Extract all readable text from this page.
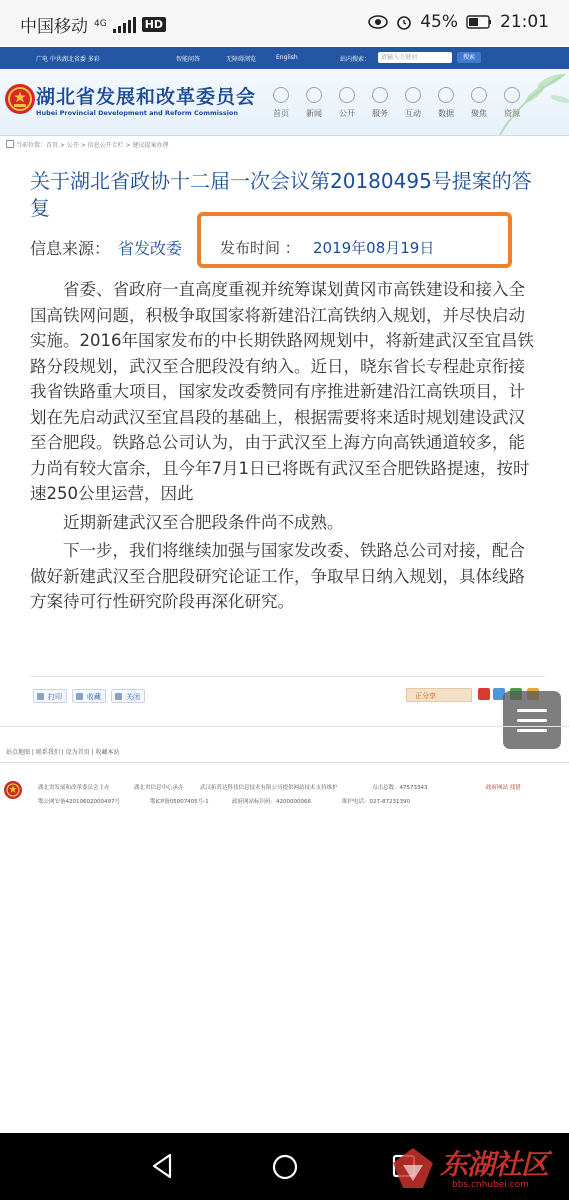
中国移动 4G	HD	45% 21:01
广电 中共湖北省委 多彩	智能问答	无障碍浏览	English	站内搜索：	请输入关键词	搜索
湖北省发展和改革委员会
Hubei Provincial Development and Reform Commission	首页	新闻	公开	服务	互动	数据	聚焦	资源
当前位置：首页 > 公开 > 信息公开专栏 > 建议提案办理
关于湖北省政协十二届一次会议第20180495号提案的答复
信息来源： 省发改委	发布时间 ： 2019年08月19日

省委、省政府一直高度重视并统筹谋划黄冈市高铁建设和接入全国高铁网问题，积极争取国家将新建沿江高铁纳入规划，并尽快启动实施。2016年国家发布的中长期铁路网规划中，将新建武汉至宜昌铁路分段规划，武汉至合肥段没有纳入。近日，晓东省长专程赴京衔接我省铁路重大项目，国家发改委赞同有序推进新建沿江高铁项目，计划在先启动武汉至宜昌段的基础上，根据需要将来适时规划建设武汉至合肥段。铁路总公司认为，由于武汉至上海方向高铁通道较多，能力尚有较大富余，且今年7月1日已将既有武汉至合肥铁路提速，按时速250公里运营，因此

近期新建武汉至合肥段条件尚不成熟。

下一步，我们将继续加强与国家发改委、铁路总公司对接，配合做好新建武汉至合肥段研究论证工作，争取早日纳入规划，具体线路方案待可行性研究阶段再深化研究。

打印	收藏	关闭	正分享
站点地图 | 联系我们 | 设为首页 | 收藏本站
湖北省发展和改革委员会主办	湖北省信息中心承办	武汉拓普达科技信息技术有限公司提供网站技术支持维护	点击总数：47573343
鄂公网安备42010602000497号	鄂ICP备05007405号-1	政府网站标识码：4200000066	维护电话：027-87231390
政府网站 找错
东湖社区
bbs.cnhubei.com
